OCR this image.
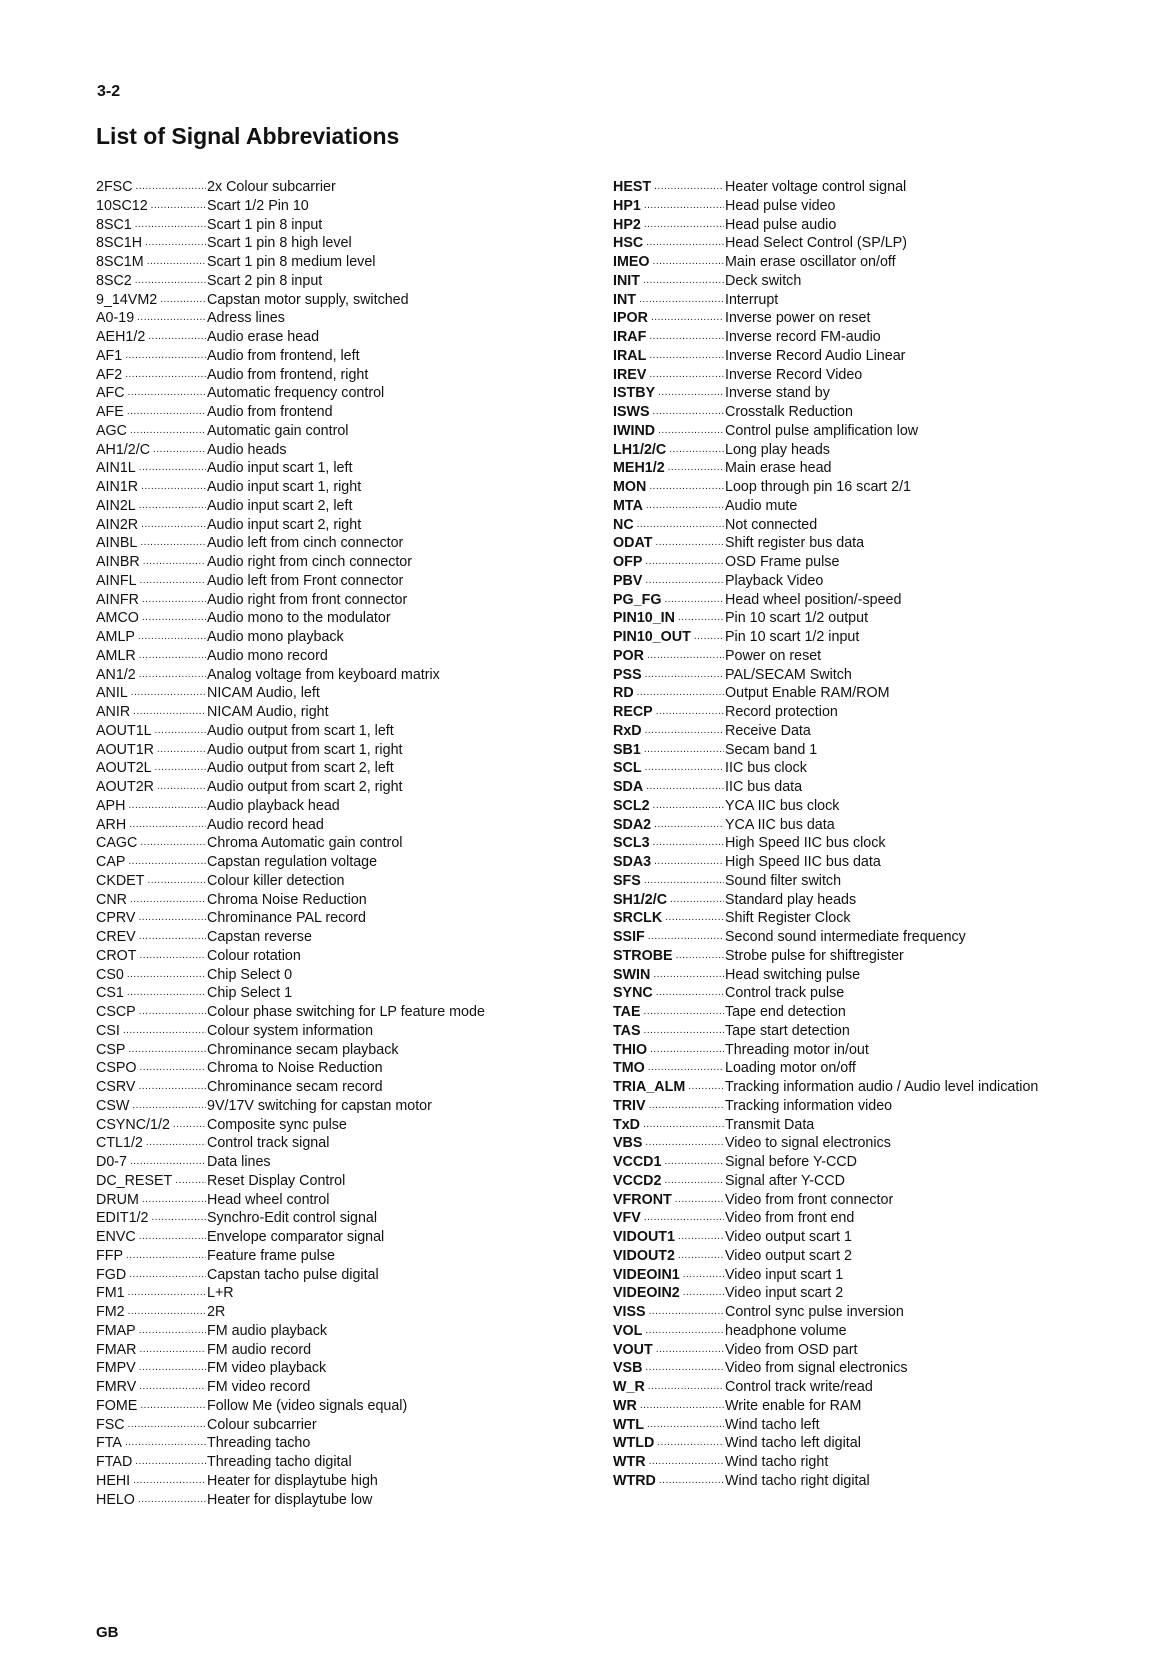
3-2
List of Signal Abbreviations
2FSC .....	2x Colour subcarrier
10SC12 .....	Scart 1/2 Pin 10
8SC1 .....	Scart 1 pin 8 input
8SC1H .....	Scart 1 pin 8 high level
8SC1M .....	Scart 1 pin 8 medium level
8SC2 .....	Scart 2 pin 8 input
9_14VM2 .....	Capstan motor supply, switched
A0-19 .....	Adress lines
AEH1/2 .....	Audio erase head
AF1 .....	Audio from frontend, left
AF2 .....	Audio from frontend, right
AFC .....	Automatic frequency control
AFE .....	Audio from frontend
AGC .....	Automatic gain control
AH1/2/C .....	Audio heads
AIN1L .....	Audio input scart 1, left
AIN1R .....	Audio input scart 1, right
AIN2L .....	Audio input scart 2, left
AIN2R .....	Audio input scart 2, right
AINBL .....	Audio left from cinch connector
AINBR .....	Audio right from cinch connector
AINFL .....	Audio left from Front connector
AINFR .....	Audio right from front connector
AMCO .....	Audio mono to the modulator
AMLP .....	Audio mono playback
AMLR .....	Audio mono record
AN1/2 .....	Analog voltage from keyboard matrix
ANIL .....	NICAM Audio, left
ANIR .....	NICAM Audio, right
AOUT1L .....	Audio output from scart 1, left
AOUT1R .....	Audio output from scart 1, right
AOUT2L .....	Audio output from scart 2, left
AOUT2R .....	Audio output from scart 2, right
APH .....	Audio playback head
ARH .....	Audio record head
CAGC .....	Chroma Automatic gain control
CAP .....	Capstan regulation voltage
CKDET .....	Colour killer detection
CNR .....	Chroma Noise Reduction
CPRV .....	Chrominance PAL record
CREV .....	Capstan reverse
CROT .....	Colour rotation
CS0 .....	Chip Select 0
CS1 .....	Chip Select 1
CSCP .....	Colour phase switching for LP feature mode
CSI .....	Colour system information
CSP .....	Chrominance secam playback
CSPO .....	Chroma to Noise Reduction
CSRV .....	Chrominance secam record
CSW .....	9V/17V switching for capstan motor
CSYNC/1/2 .....	Composite sync pulse
CTL1/2 .....	Control track signal
D0-7 .....	Data lines
DC_RESET ..... Reset Display Control
DRUM .....	Head wheel control
EDIT1/2 .....	Synchro-Edit control signal
ENVC .....	Envelope comparator signal
FFP .....	Feature frame pulse
FGD .....	Capstan tacho pulse digital
FM1 .....	L+R
FM2 .....	2R
FMAP .....	FM audio playback
FMAR .....	FM audio record
FMPV .....	FM video playback
FMRV .....	FM video record
FOME .....	Follow Me (video signals equal)
FSC .....	Colour subcarrier
FTA .....	Threading tacho
FTAD .....	Threading tacho digital
HEHI .....	Heater for displaytube high
HELO .....	Heater for displaytube low
HEST .....	Heater voltage control signal
HP1 .....	Head pulse video
HP2 .....	Head pulse audio
HSC .....	Head Select Control (SP/LP)
IMEO .....	Main erase oscillator on/off
INIT .....	Deck switch
INT .....	Interrupt
IPOR .....	Inverse power on reset
IRAF .....	Inverse record FM-audio
IRAL .....	Inverse Record Audio Linear
IREV .....	Inverse Record Video
ISTBY .....	Inverse stand by
ISWS .....	Crosstalk Reduction
IWIND .....	Control pulse amplification low
LH1/2/C .....	Long play heads
MEH1/2 .....	Main erase head
MON .....	Loop through pin 16 scart 2/1
MTA .....	Audio mute
NC .....	Not connected
ODAT .....	Shift register bus data
OFP .....	OSD Frame pulse
PBV .....	Playback Video
PG_FG .....	Head wheel position/-speed
PIN10_IN .....	Pin 10 scart 1/2 output
PIN10_OUT ..... Pin 10 scart 1/2 input
POR .....	Power on reset
PSS .....	PAL/SECAM Switch
RD .....	Output Enable RAM/ROM
RECP .....	Record protection
RxD .....	Receive Data
SB1 .....	Secam band 1
SCL .....	IIC bus clock
SDA .....	IIC bus data
SCL2 .....	YCA IIC bus clock
SDA2 .....	YCA IIC bus data
SCL3 .....	High Speed IIC bus clock
SDA3 .....	High Speed IIC bus data
SFS .....	Sound filter switch
SH1/2/C .....	Standard play heads
SRCLK .....	Shift Register Clock
SSIF .....	Second sound intermediate frequency
STROBE .....	Strobe pulse for shiftregister
SWIN .....	Head switching pulse
SYNC .....	Control track pulse
TAE .....	Tape end detection
TAS .....	Tape start detection
THIO .....	Threading motor in/out
TMO .....	Loading motor on/off
TRIA_ALM .....	Tracking information audio / Audio level indication
TRIV .....	Tracking information video
TxD .....	Transmit Data
VBS .....	Video to signal electronics
VCCD1 .....	Signal before Y-CCD
VCCD2 .....	Signal after Y-CCD
VFRONT .....	Video from front connector
VFV .....	Video from front end
VIDOUT1 .....	Video output scart 1
VIDOUT2 .....	Video output scart 2
VIDEOIN1 .....	Video input scart 1
VIDEOIN2 .....	Video input scart 2
VISS .....	Control sync pulse inversion
VOL .....	headphone volume
VOUT .....	Video from OSD part
VSB .....	Video from signal electronics
W_R .....	Control track write/read
WR .....	Write enable for RAM
WTL .....	Wind tacho left
WTLD .....	Wind tacho left digital
WTR .....	Wind tacho right
WTRD .....	Wind tacho right digital
GB
